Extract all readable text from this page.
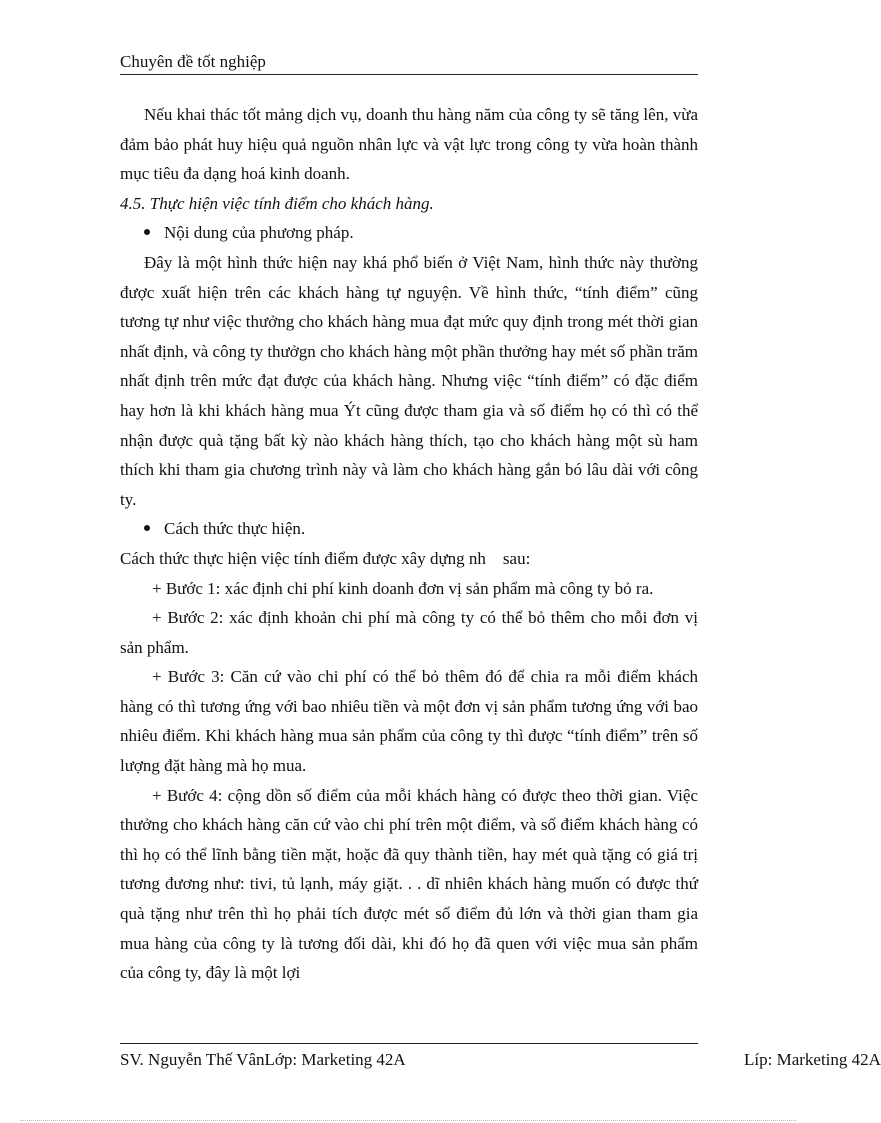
Chuyên đề tốt nghiệp

Nếu khai thác tốt mảng dịch vụ, doanh thu hàng năm của công ty sẽ tăng lên, vừa đảm bảo phát huy hiệu quả nguồn nhân lực và vật lực trong công ty vừa hoàn thành mục tiêu đa dạng hoá kinh doanh.

4.5. Thực hiện việc tính điểm cho khách hàng.

Nội dung của phương pháp.

Đây là một hình thức hiện nay khá phổ biến ở Việt Nam, hình thức này thường được xuất hiện trên các khách hàng tự nguyện. Về hình thức, “tính điểm” cũng tương tự như việc thưởng cho khách hàng mua đạt mức quy định trong mét thời gian nhất định, và công ty thưởgn cho khách hàng một phần thưởng hay mét số phần trăm nhất định trên mức đạt được của khách hàng. Nhưng việc “tính điểm” có đặc điểm hay hơn là khi khách hàng mua Ýt cũng được tham gia và số điểm họ có thì có thể nhận được quà tặng bất kỳ nào khách hàng thích, tạo cho khách hàng một sù ham thích khi tham gia chương trình này và làm cho khách hàng gắn bó lâu dài với công ty.

Cách thức thực hiện.

Cách thức thực hiện việc tính điểm được xây dựng nh    sau:

+ Bước 1: xác định chi phí kinh doanh đơn vị sản phẩm mà công ty bỏ ra.

+ Bước 2: xác định khoản chi phí mà công ty có thể bỏ thêm cho mỗi đơn vị sản phẩm.

+ Bước 3: Căn cứ vào chi phí có thể bỏ thêm đó để chia ra mỗi điểm khách hàng có thì tương ứng với bao nhiêu tiền và một đơn vị sản phẩm tương ứng với bao nhiêu điểm. Khi khách hàng mua sản phẩm của công ty thì được “tính điểm” trên số lượng đặt hàng mà họ mua.

+ Bước 4: cộng dồn số điểm của mỗi khách hàng có được theo thời gian. Việc thưởng cho khách hàng căn cứ vào chi phí trên một điểm, và số điểm khách hàng có thì họ có thể lĩnh bằng tiền mặt, hoặc đã quy thành tiền, hay mét quà tặng có giá trị tương đương như: tivi, tủ lạnh, máy giặt. . . dĩ nhiên khách hàng muốn có được thứ quà tặng như trên thì họ phải tích được mét số điểm đủ lớn và thời gian tham gia mua hàng của công ty là tương đối dài, khi đó họ đã quen với việc mua sản phẩm của công ty, đây là một lợi

SV. Nguyễn Thế VânLớp: Marketing 42A	Líp: Marketing 42A
